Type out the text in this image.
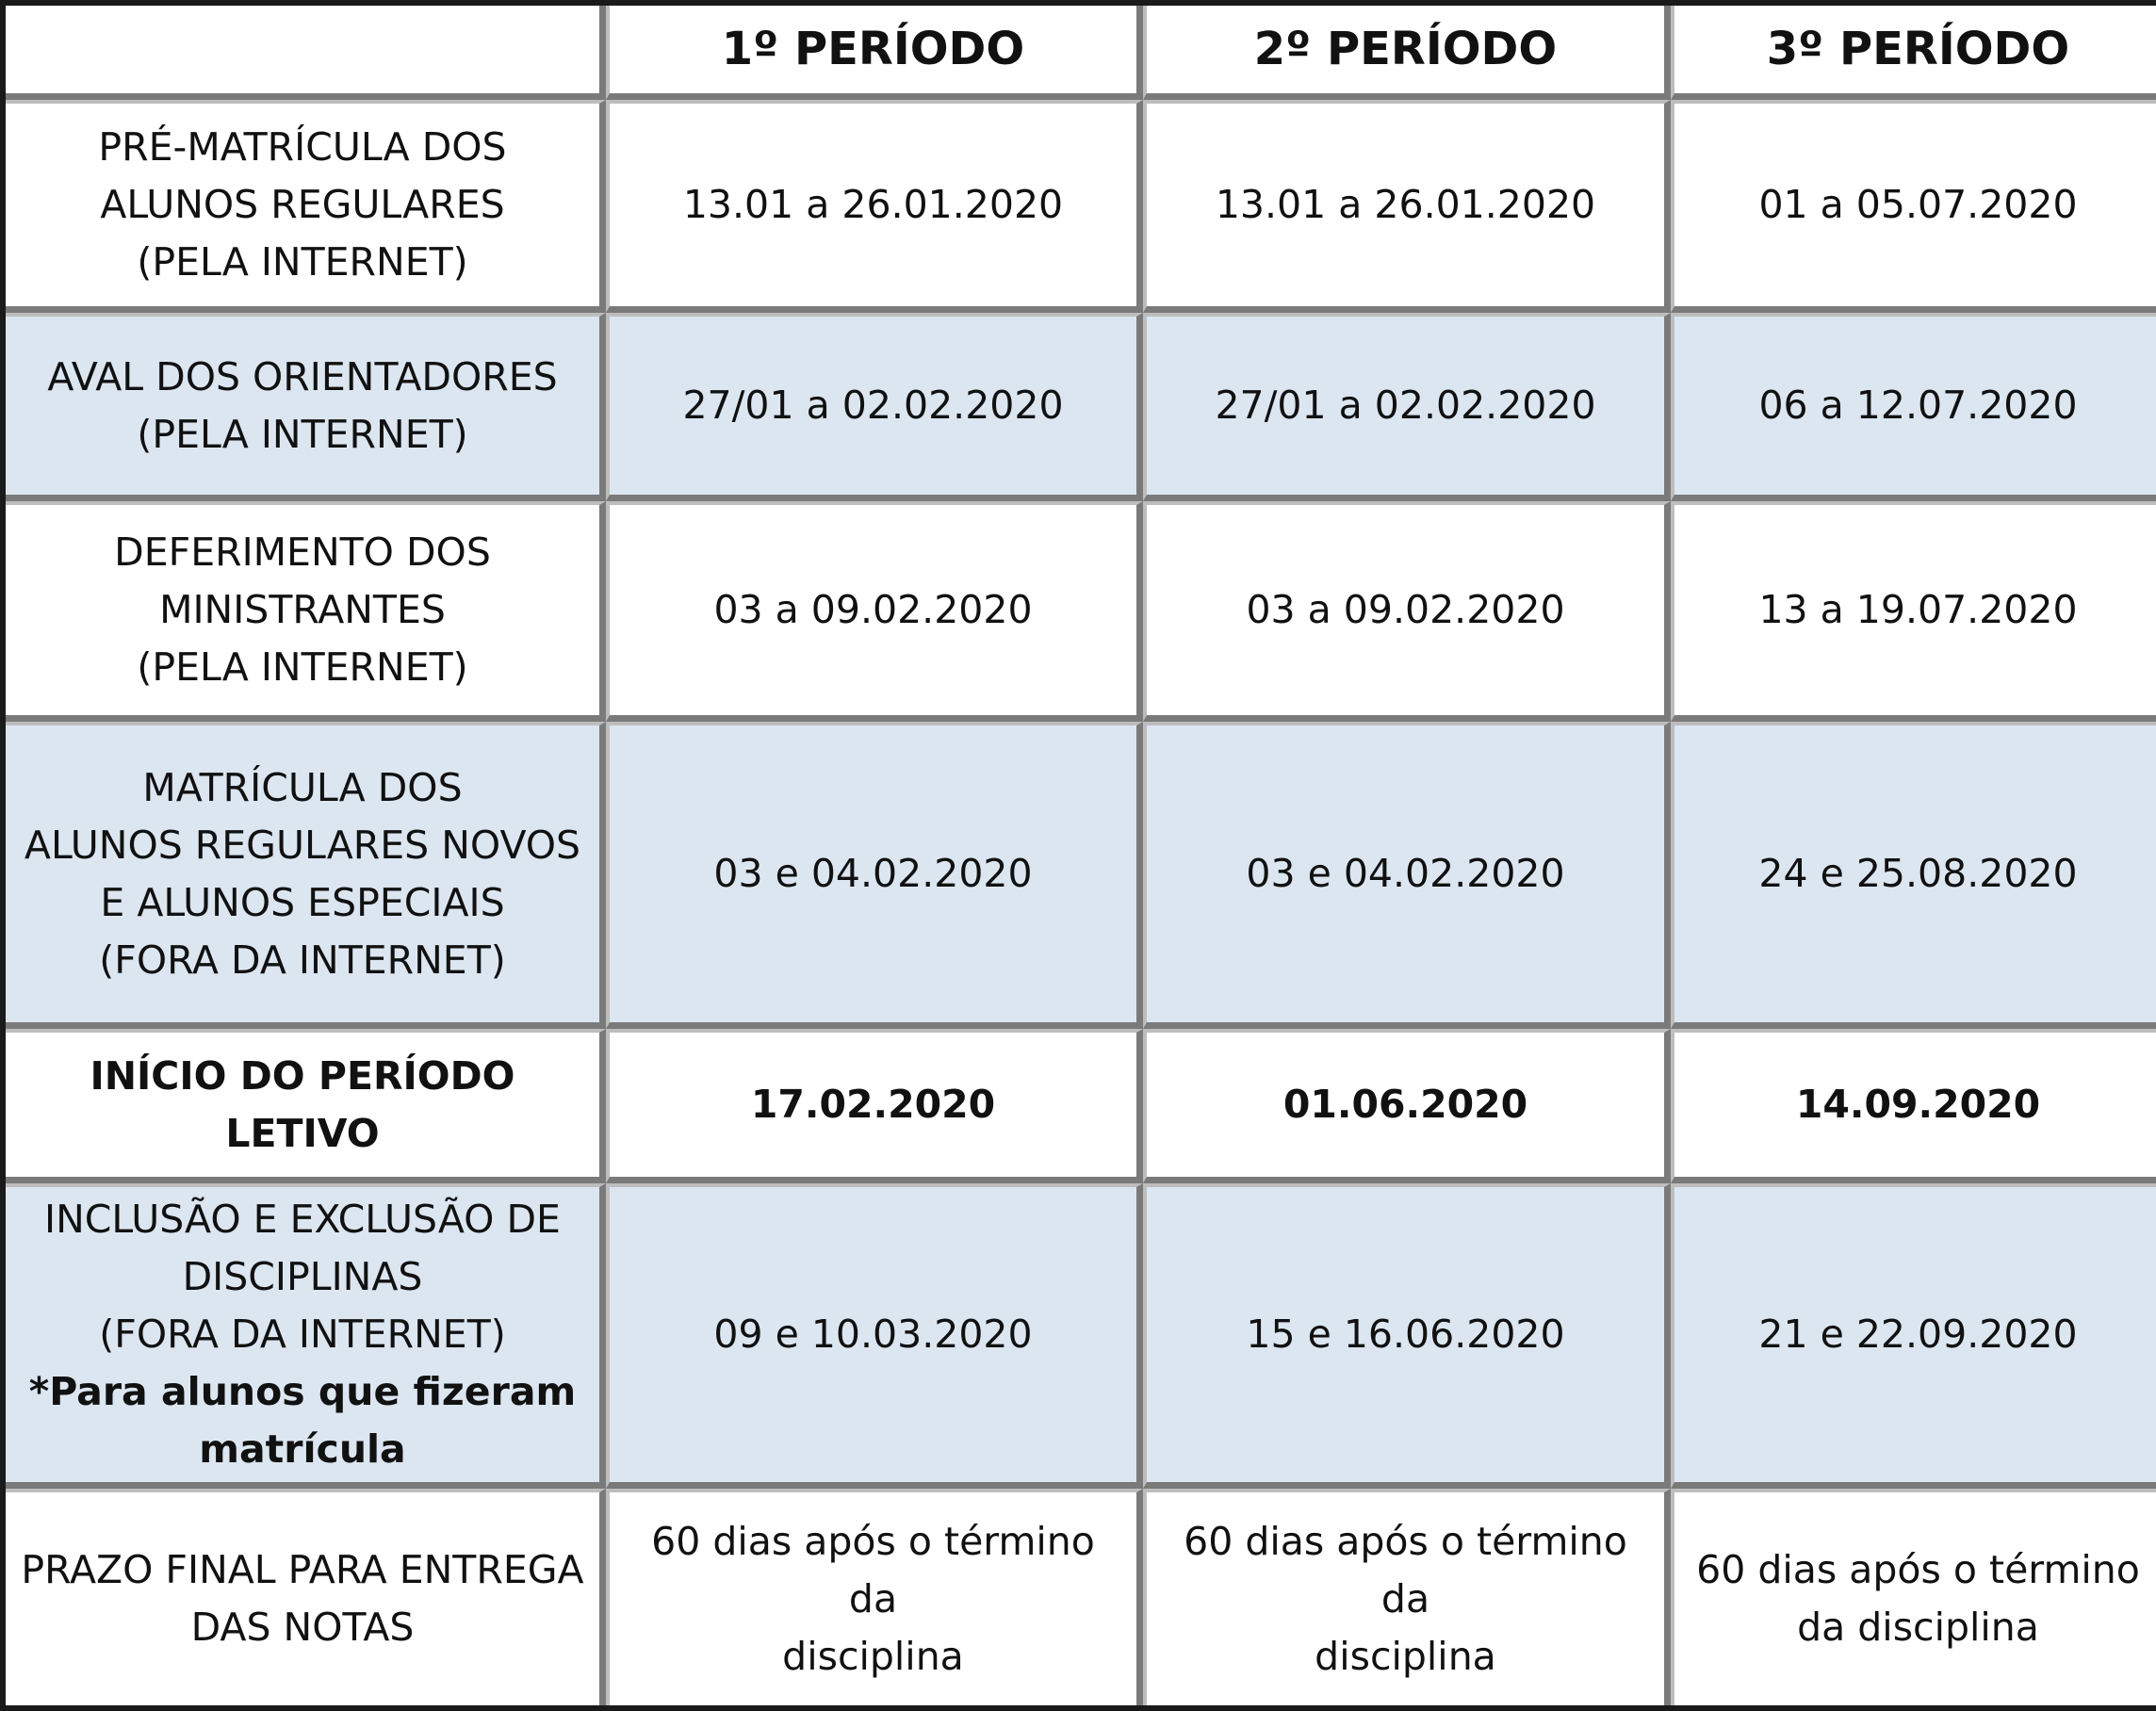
	1º PERÍODO	2º PERÍODO	3º PERÍODO

PRÉ-MATRÍCULA DOS
ALUNOS REGULARES
(PELA INTERNET)	13.01 a 26.01.2020	13.01 a 26.01.2020	01 a 05.07.2020

AVAL DOS ORIENTADORES
(PELA INTERNET)	27/01 a 02.02.2020	27/01 a 02.02.2020	06 a 12.07.2020

DEFERIMENTO DOS
MINISTRANTES
(PELA INTERNET)	03 a 09.02.2020	03 a 09.02.2020	13 a 19.07.2020

MATRÍCULA DOS
ALUNOS REGULARES NOVOS
E ALUNOS ESPECIAIS
(FORA DA INTERNET)	03 e 04.02.2020	03 e 04.02.2020	24 e 25.08.2020
INÍCIO DO PERÍODO LETIVO	17.02.2020	01.06.2020	14.09.2020

INCLUSÃO E EXCLUSÃO DE
DISCIPLINAS
(FORA DA INTERNET)
*Para alunos que fizeram
matrícula	09 e 10.03.2020	15 e 16.06.2020	21 e 22.09.2020

PRAZO FINAL PARA ENTREGA
DAS NOTAS	60 dias após o término da
disciplina	60 dias após o término da
disciplina	60 dias após o término
da disciplina
